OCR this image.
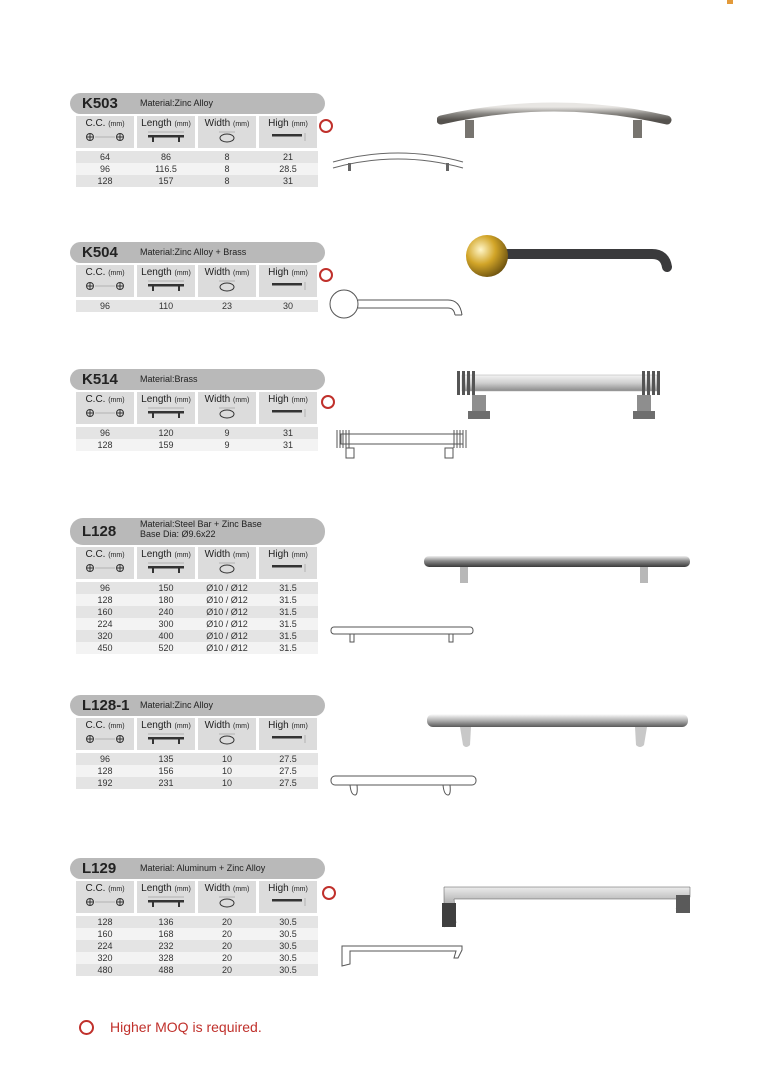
K503 Material:Zinc Alloy
C.C. (mm)	Length (mm)	Width (mm)	High (mm)
64	86	8	21
96	116.5	8	28.5
128	157	8	31
K504 Material:Zinc Alloy + Brass
C.C. (mm)	Length (mm)	Width (mm)	High (mm)
96	110	23	30
K514 Material:Brass
C.C. (mm)	Length (mm)	Width (mm)	High (mm)
96	120	9	31
128	159	9	31
L128	Material:Steel Bar + Zinc Base
Base Dia: Ø9.6x22
C.C. (mm)	Length (mm)	Width (mm)	High (mm)
96	150	Ø10 / Ø12	31.5
128	180	Ø10 / Ø12	31.5
160	240	Ø10 / Ø12	31.5
224	300	Ø10 / Ø12	31.5
320	400	Ø10 / Ø12	31.5
450	520	Ø10 / Ø12	31.5
L128-1 Material:Zinc Alloy
C.C. (mm)	Length (mm)	Width (mm)	High (mm)
96	135	10	27.5
128	156	10	27.5
192	231	10	27.5
L129	Material: Aluminum + Zinc Alloy
C.C. (mm)	Length (mm)	Width (mm)	High (mm)
128	136	20	30.5
160	168	20	30.5
224	232	20	30.5
320	328	20	30.5
480	488	20	30.5
Higher MOQ is required.
